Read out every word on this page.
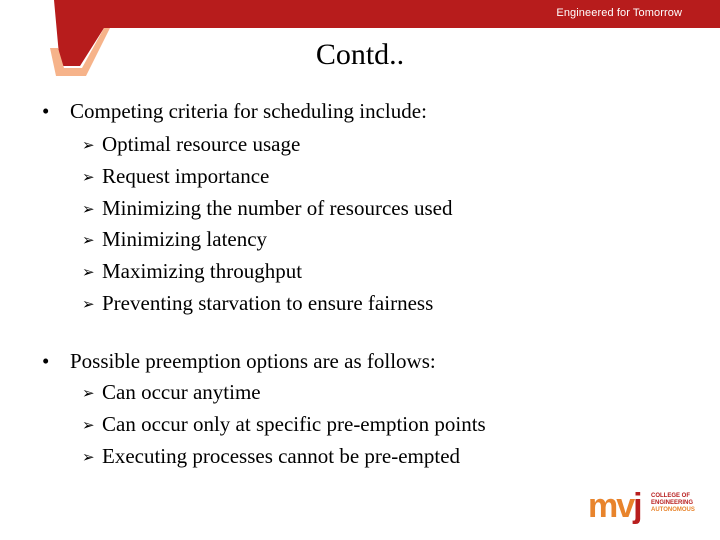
Engineered for Tomorrow
Contd..
• Competing criteria for scheduling include:
➢ Optimal resource usage
➢ Request importance
➢ Minimizing the number of resources used
➢ Minimizing latency
➢ Maximizing throughput
➢ Preventing starvation to ensure fairness
• Possible preemption options are as follows:
➢ Can occur anytime
➢ Can occur only at specific pre-emption points
➢ Executing processes cannot be pre-empted
mvj COLLEGE OF
ENGINEERING
AUTONOMOUS
